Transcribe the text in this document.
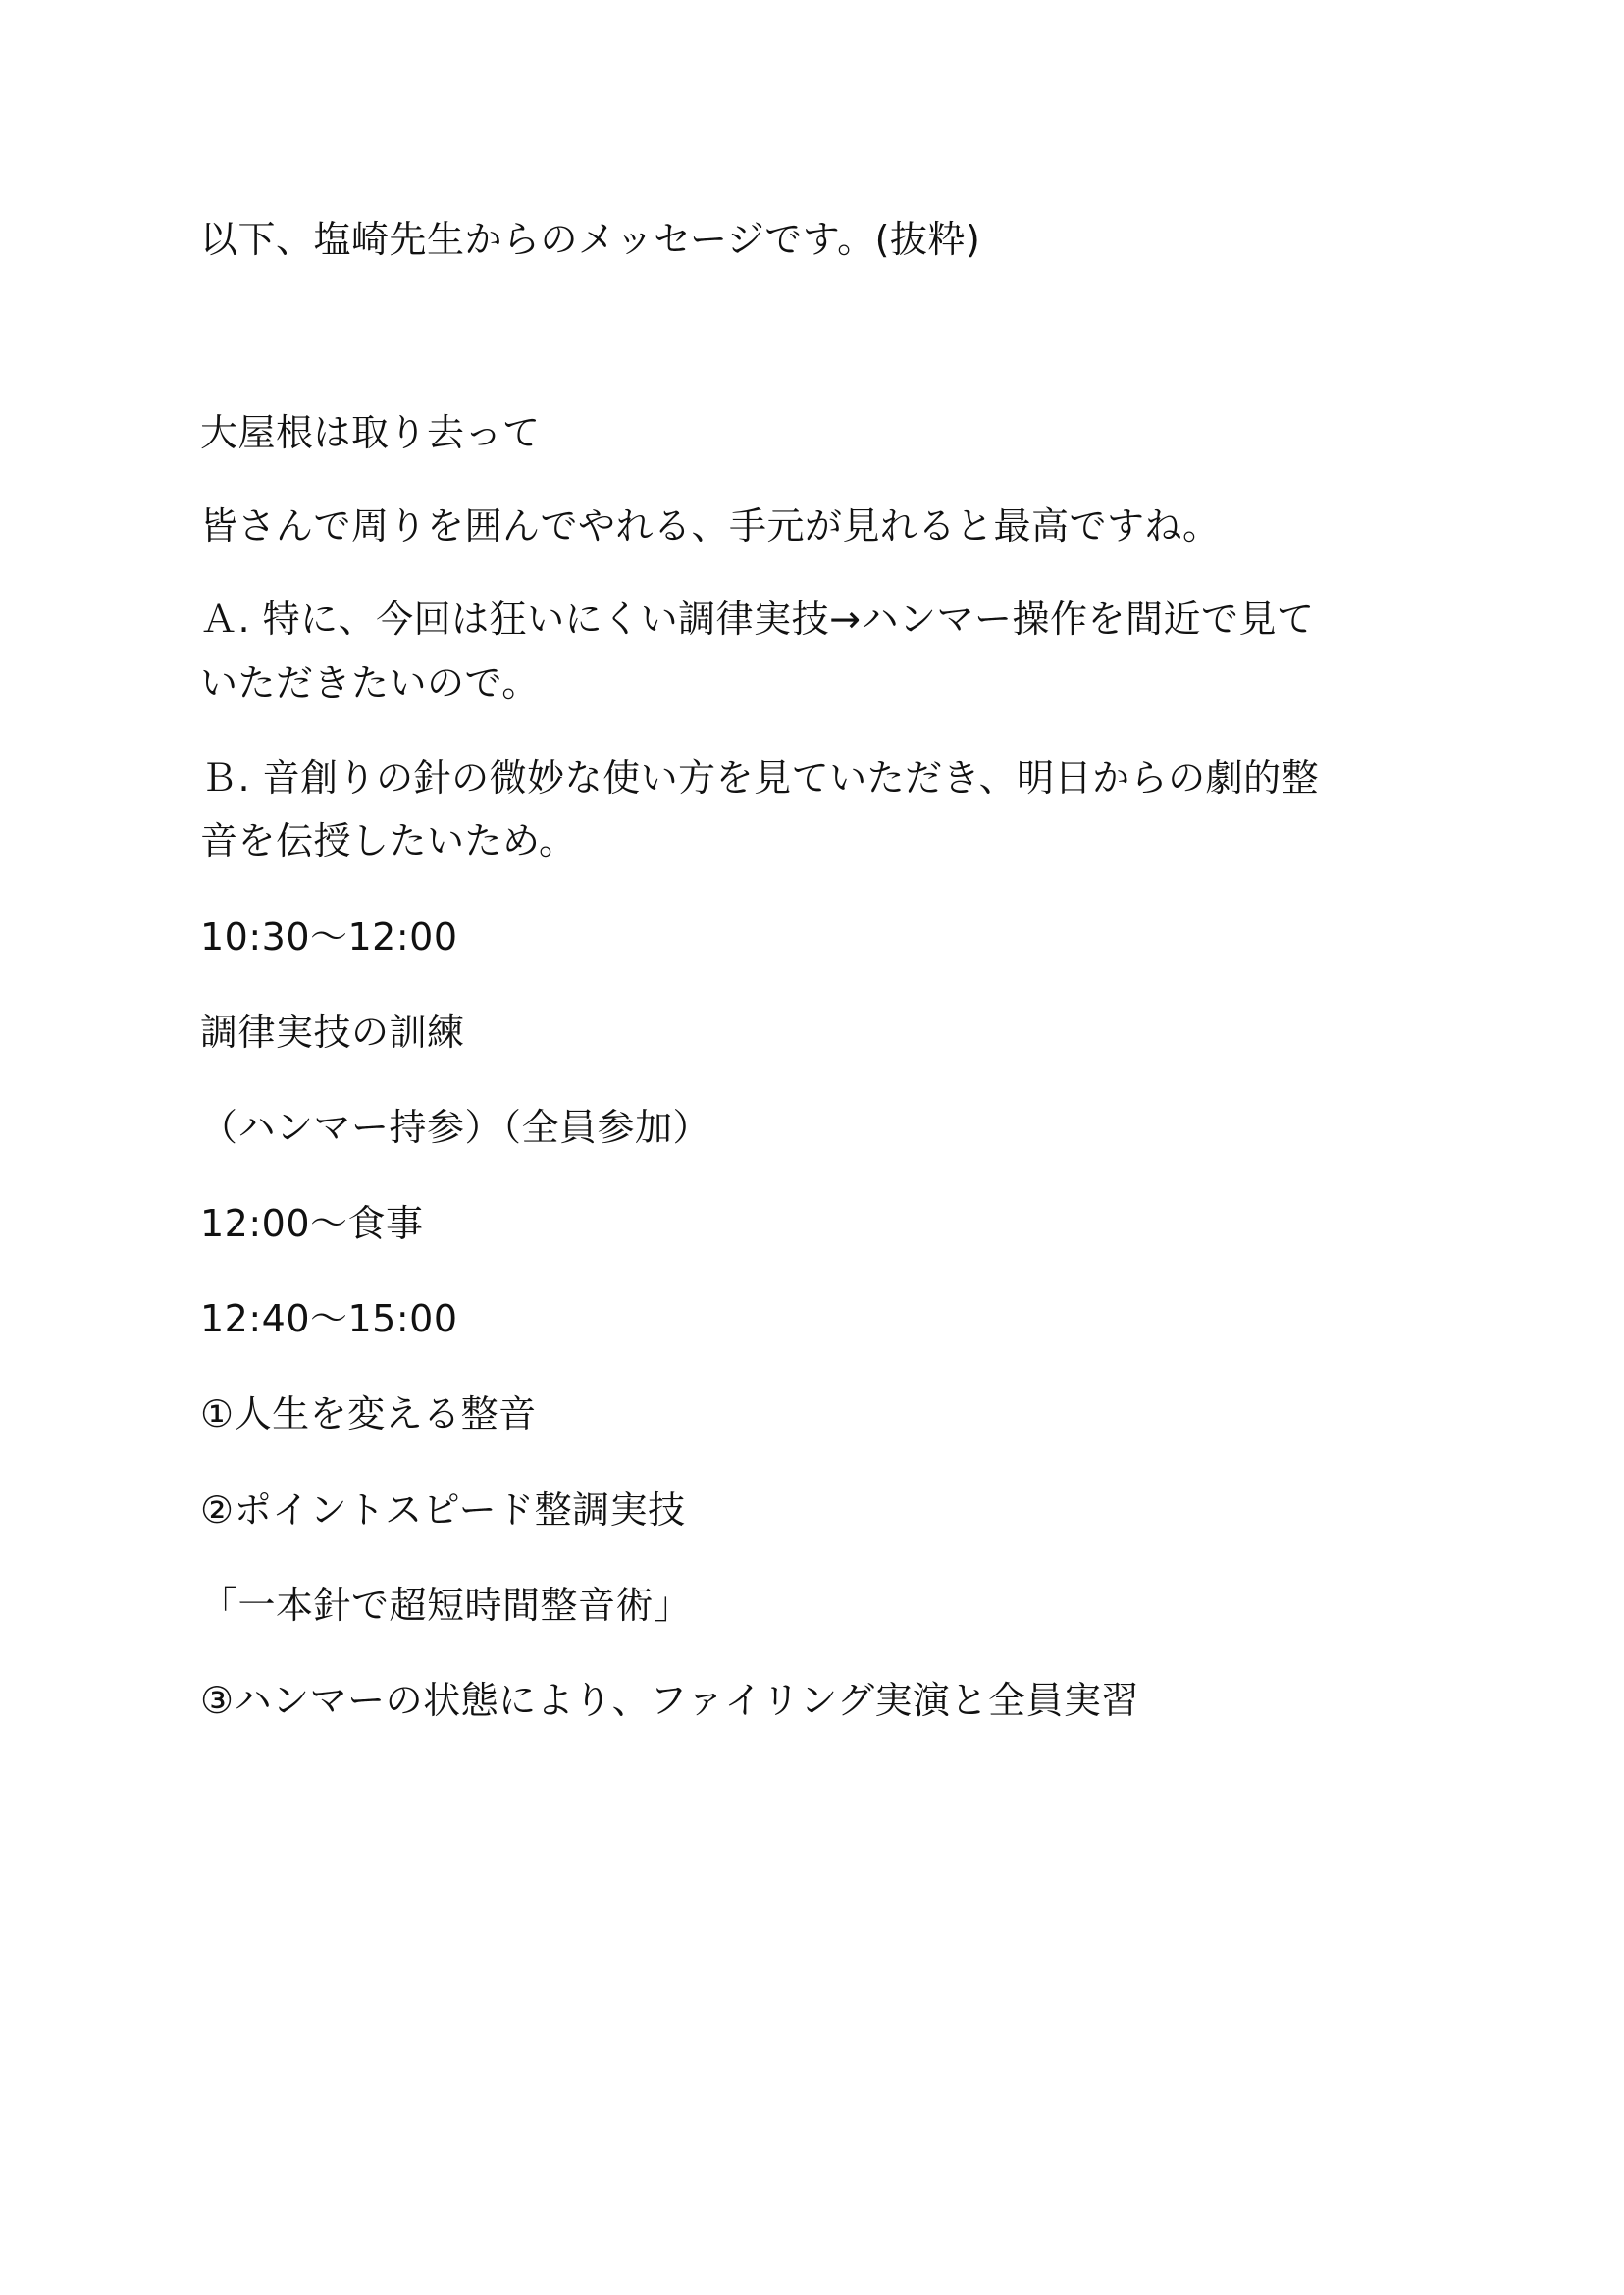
以下、塩崎先生からのメッセージです。(抜粋)

大屋根は取り去って

皆さんで周りを囲んでやれる、手元が見れると最高ですね。

Ａ. 特に、今回は狂いにくい調律実技→ハンマー操作を間近で見て

いただきたいので。

Ｂ. 音創りの針の微妙な使い方を見ていただき、明日からの劇的整

音を伝授したいため。

10:30～12:00

調律実技の訓練

（ハンマー持参）（全員参加）

12:00～食事

12:40～15:00

①人生を変える整音

②ポイントスピード整調実技

「一本針で超短時間整音術」

③ハンマーの状態により、ファイリング実演と全員実習
